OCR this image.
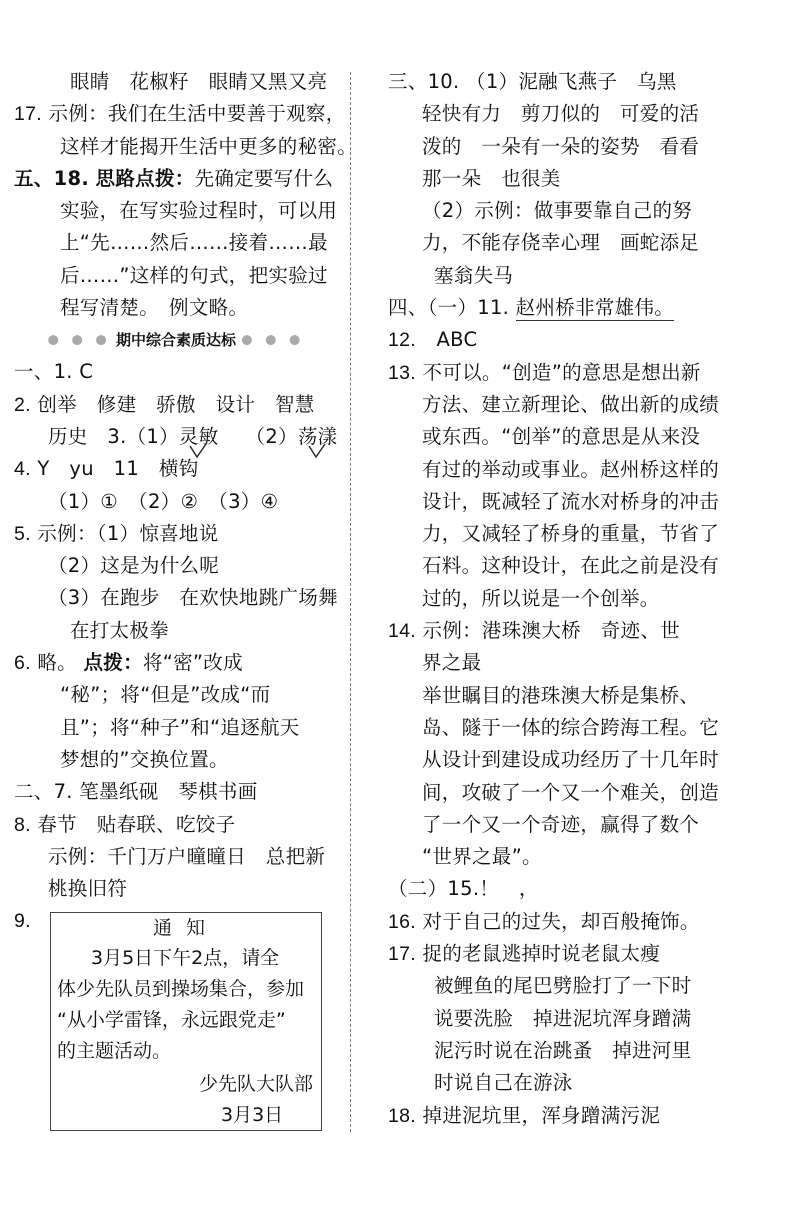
眼睛　花椒籽　眼睛又黑又亮
17. 示例：我们在生活中要善于观察，
这样才能揭开生活中更多的秘密。
五、18. 思路点拨：先确定要写什么
实验，在写实验过程时，可以用
上“先……然后……接着……最
后……”这样的句式，把实验过
程写清楚。　例文略。
● ● ● 期中综合素质达标 ● ● ●
一、1. C
2. 创举　修建　骄傲　设计　智慧
历史　3.（1）灵敏 （2）荡漾
4. Y　yu　11　横钩
（1）①　（2）②　（3）④
5. 示例：（1）惊喜地说
（2）这是为什么呢
（3）在跑步　在欢快地跳广场舞
在打太极拳
6. 略。 点拨：将“密”改成
“秘”；将“但是”改成“而
且”；将“种子”和“追逐航天
梦想的”交换位置。
二、7. 笔墨纸砚　琴棋书画
8. 春节　贴春联、吃饺子
示例：千门万户曈曈日　总把新
桃换旧符
9.	通知
3月5日下午2点，请全
体少先队员到操场集合，参加
“从小学雷锋，永远跟党走”
的主题活动。
少先队大队部
3月3日
三、10. （1）泥融飞燕子　乌黑
轻快有力　剪刀似的　可爱的活
泼的　一朵有一朵的姿势　看看
那一朵　也很美
（2）示例：做事要靠自己的努
力，不能存侥幸心理　画蛇添足
塞翁失马
四、（一）11. 赵州桥非常雄伟。
12. ABC
13. 不可以。“创造”的意思是想出新
方法、建立新理论、做出新的成绩
或东西。“创举”的意思是从来没
有过的举动或事业。赵州桥这样的
设计，既减轻了流水对桥身的冲击
力，又减轻了桥身的重量，节省了
石料。这种设计，在此之前是没有
过的，所以说是一个创举。
14. 示例：港珠澳大桥　奇迹、世
界之最
举世瞩目的港珠澳大桥是集桥、
岛、隧于一体的综合跨海工程。它
从设计到建设成功经历了十几年时
间，攻破了一个又一个难关，创造
了一个又一个奇迹，赢得了数个
“世界之最”。
（二）15.！　，
16. 对于自己的过失，却百般掩饰。
17. 捉的老鼠逃掉时说老鼠太瘦
被鲤鱼的尾巴劈脸打了一下时
说要洗脸　掉进泥坑浑身蹭满
泥污时说在治跳蚤　掉进河里
时说自己在游泳
18. 掉进泥坑里，浑身蹭满污泥
